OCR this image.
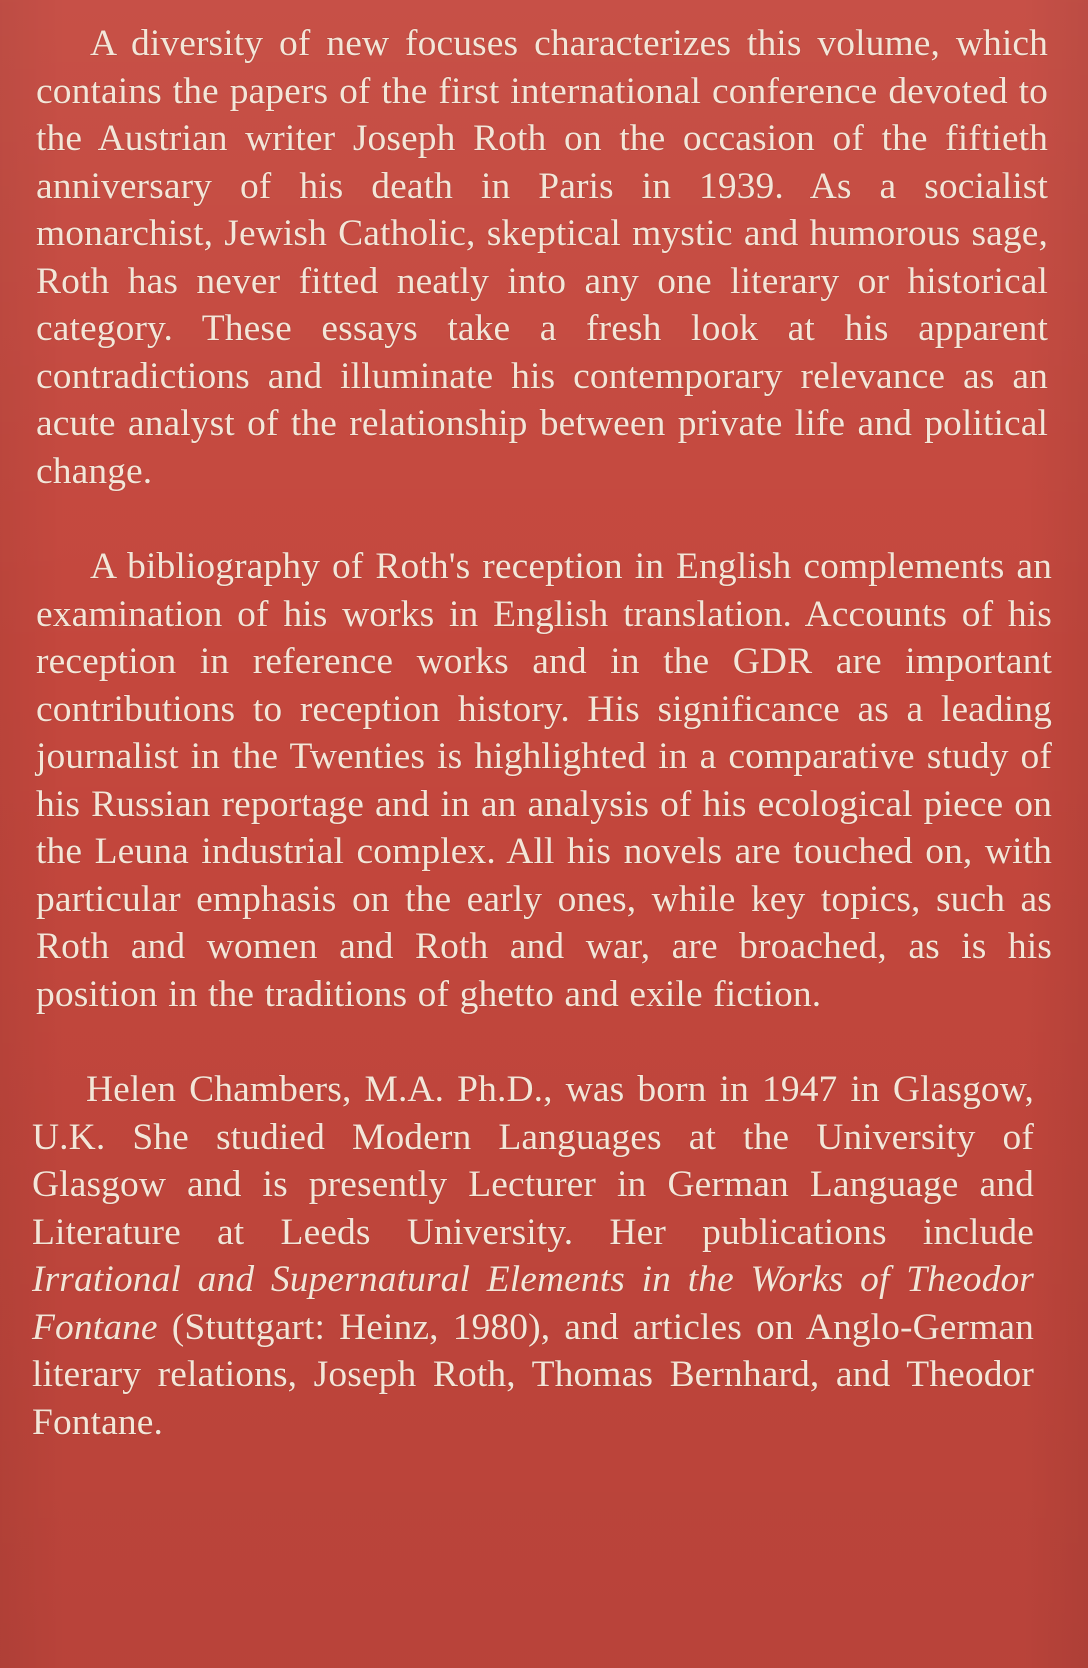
A diversity of new focuses characterizes this volume, which contains the papers of the first international conference devoted to the Austrian writer Joseph Roth on the occasion of the fiftieth anniversary of his death in Paris in 1939. As a socialist monarchist, Jewish Catholic, skeptical mystic and humorous sage, Roth has never fitted neatly into any one literary or historical category. These essays take a fresh look at his apparent contradictions and illuminate his contemporary relevance as an acute analyst of the relationship between private life and political change.

A bibliography of Roth's reception in English complements an examination of his works in English translation. Accounts of his reception in reference works and in the GDR are important contributions to reception history. His significance as a leading journalist in the Twenties is highlighted in a comparative study of his Russian reportage and in an analysis of his ecological piece on the Leuna industrial complex. All his novels are touched on, with particular emphasis on the early ones, while key topics, such as Roth and women and Roth and war, are broached, as is his position in the traditions of ghetto and exile fiction.

Helen Chambers, M.A. Ph.D., was born in 1947 in Glasgow, U.K. She studied Modern Languages at the University of Glasgow and is presently Lecturer in German Language and Literature at Leeds University. Her publications include Irrational and Supernatural Elements in the Works of Theodor Fontane (Stuttgart: Heinz, 1980), and articles on Anglo-German literary relations, Joseph Roth, Thomas Bernhard, and Theodor Fontane.
